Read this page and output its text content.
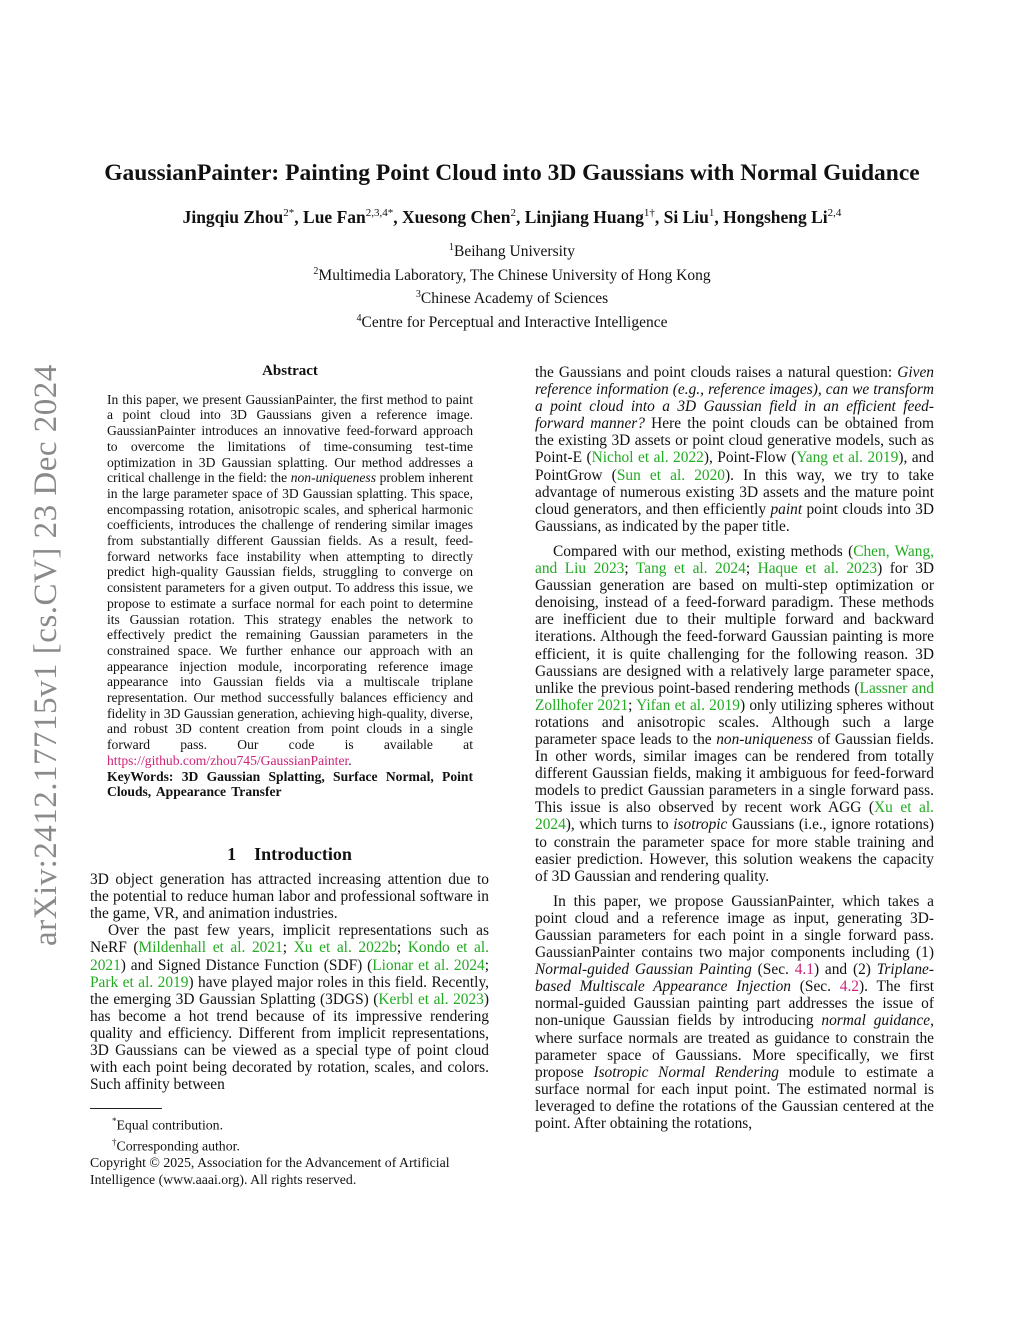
arXiv:2412.17715v1 [cs.CV] 23 Dec 2024
GaussianPainter: Painting Point Cloud into 3D Gaussians with Normal Guidance
Jingqiu Zhou$^{2*}$, Lue Fan$^{2,3,4*}$, Xuesong Chen$^2$, Linjiang Huang$^{1\dagger}$, Si Liu$^1$, Hongsheng Li$^{2,4}$
$^1$Beihang University
$^2$Multimedia Laboratory, The Chinese University of Hong Kong
$^3$Chinese Academy of Sciences
$^4$Centre for Perceptual and Interactive Intelligence
Abstract

In this paper, we present GaussianPainter, the first method to paint a point cloud into 3D Gaussians given a reference image. GaussianPainter introduces an innovative feed-forward approach to overcome the limitations of time-consuming test-time optimization in 3D Gaussian splatting. Our method addresses a critical challenge in the field: the non-uniqueness problem inherent in the large parameter space of 3D Gaussian splatting. This space, encompassing rotation, anisotropic scales, and spherical harmonic coefficients, introduces the challenge of rendering similar images from substantially different Gaussian fields. As a result, feed-forward networks face instability when attempting to directly predict high-quality Gaussian fields, struggling to converge on consistent parameters for a given output. To address this issue, we propose to estimate a surface normal for each point to determine its Gaussian rotation. This strategy enables the network to effectively predict the remaining Gaussian parameters in the constrained space. We further enhance our approach with an appearance injection module, incorporating reference image appearance into Gaussian fields via a multiscale triplane representation. Our method successfully balances efficiency and fidelity in 3D Gaussian generation, achieving high-quality, diverse, and robust 3D content creation from point clouds in a single forward pass. Our code is available at https://github.com/zhou745/GaussianPainter.

KeyWords: 3D Gaussian Splatting, Surface Normal, Point Clouds, Appearance Transfer

1 Introduction

3D object generation has attracted increasing attention due to the potential to reduce human labor and professional software in the game, VR, and animation industries.

Over the past few years, implicit representations such as NeRF (Mildenhall et al. 2021; Xu et al. 2022b; Kondo et al. 2021) and Signed Distance Function (SDF) (Lionar et al. 2024; Park et al. 2019) have played major roles in this field. Recently, the emerging 3D Gaussian Splatting (3DGS) (Kerbl et al. 2023) has become a hot trend because of its impressive rendering quality and efficiency. Different from implicit representations, 3D Gaussians can be viewed as a special type of point cloud with each point being decorated by rotation, scales, and colors. Such affinity between

*Equal contribution.
†Corresponding author.
Copyright © 2025, Association for the Advancement of Artificial Intelligence (www.aaai.org). All rights reserved.

the Gaussians and point clouds raises a natural question: Given reference information (e.g., reference images), can we transform a point cloud into a 3D Gaussian field in an efficient feed-forward manner? Here the point clouds can be obtained from the existing 3D assets or point cloud generative models, such as Point-E (Nichol et al. 2022), Point-Flow (Yang et al. 2019), and PointGrow (Sun et al. 2020). In this way, we try to take advantage of numerous existing 3D assets and the mature point cloud generators, and then efficiently paint point clouds into 3D Gaussians, as indicated by the paper title.

Compared with our method, existing methods (Chen, Wang, and Liu 2023; Tang et al. 2024; Haque et al. 2023) for 3D Gaussian generation are based on multi-step optimization or denoising, instead of a feed-forward paradigm. These methods are inefficient due to their multiple forward and backward iterations. Although the feed-forward Gaussian painting is more efficient, it is quite challenging for the following reason. 3D Gaussians are designed with a relatively large parameter space, unlike the previous point-based rendering methods (Lassner and Zollhofer 2021; Yifan et al. 2019) only utilizing spheres without rotations and anisotropic scales. Although such a large parameter space leads to the non-uniqueness of Gaussian fields. In other words, similar images can be rendered from totally different Gaussian fields, making it ambiguous for feed-forward models to predict Gaussian parameters in a single forward pass. This issue is also observed by recent work AGG (Xu et al. 2024), which turns to isotropic Gaussians (i.e., ignore rotations) to constrain the parameter space for more stable training and easier prediction. However, this solution weakens the capacity of 3D Gaussian and rendering quality.

In this paper, we propose GaussianPainter, which takes a point cloud and a reference image as input, generating 3D-Gaussian parameters for each point in a single forward pass. GaussianPainter contains two major components including (1) Normal-guided Gaussian Painting (Sec. 4.1) and (2) Triplane-based Multiscale Appearance Injection (Sec. 4.2). The first normal-guided Gaussian painting part addresses the issue of non-unique Gaussian fields by introducing normal guidance, where surface normals are treated as guidance to constrain the parameter space of Gaussians. More specifically, we first propose Isotropic Normal Rendering module to estimate a surface normal for each input point. The estimated normal is leveraged to define the rotations of the Gaussian centered at the point. After obtaining the rotations,
